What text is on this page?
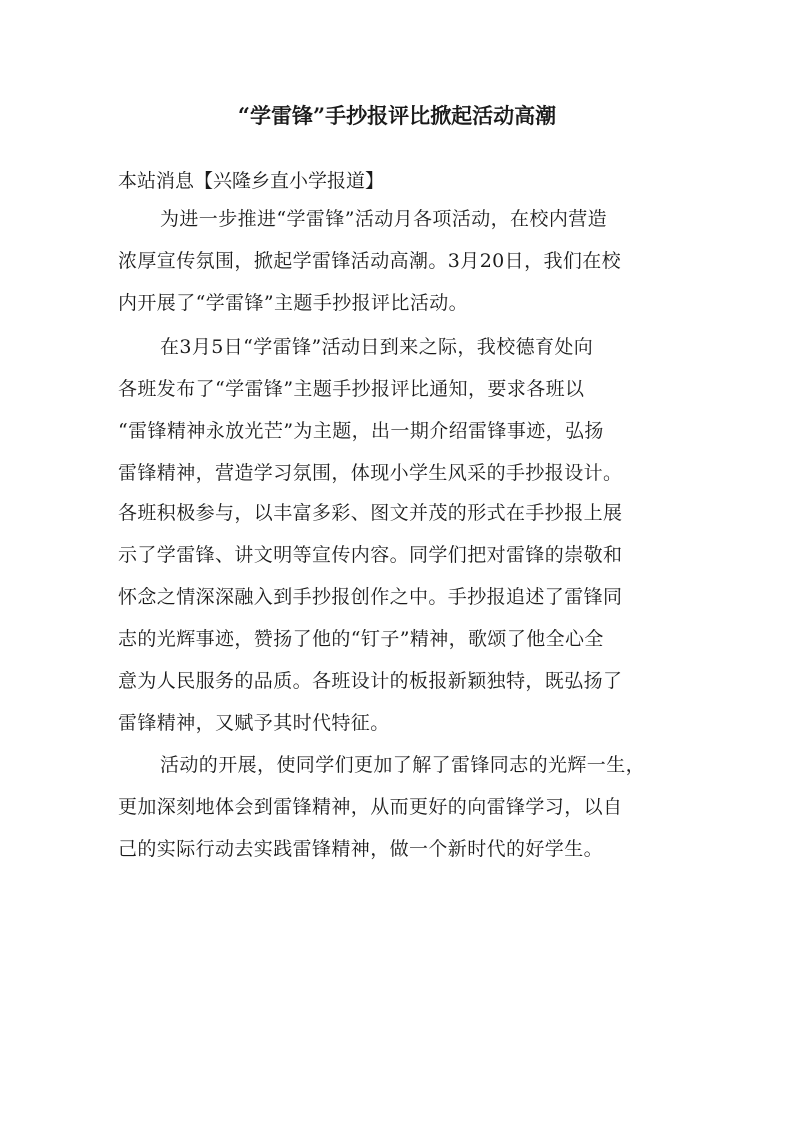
“学雷锋”手抄报评比掀起活动高潮

本站消息【兴隆乡直小学报道】

为进一步推进“学雷锋”活动月各项活动，在校内营造

浓厚宣传氛围，掀起学雷锋活动高潮。3月20日，我们在校

内开展了“学雷锋”主题手抄报评比活动。

在3月5日“学雷锋”活动日到来之际，我校德育处向

各班发布了“学雷锋”主题手抄报评比通知，要求各班以

“雷锋精神永放光芒”为主题，出一期介绍雷锋事迹，弘扬

雷锋精神，营造学习氛围，体现小学生风采的手抄报设计。

各班积极参与，以丰富多彩、图文并茂的形式在手抄报上展

示了学雷锋、讲文明等宣传内容。同学们把对雷锋的崇敬和

怀念之情深深融入到手抄报创作之中。手抄报追述了雷锋同

志的光辉事迹，赞扬了他的“钉子”精神，歌颂了他全心全

意为人民服务的品质。各班设计的板报新颖独特，既弘扬了

雷锋精神，又赋予其时代特征。

活动的开展，使同学们更加了解了雷锋同志的光辉一生，

更加深刻地体会到雷锋精神，从而更好的向雷锋学习，以自

己的实际行动去实践雷锋精神，做一个新时代的好学生。
